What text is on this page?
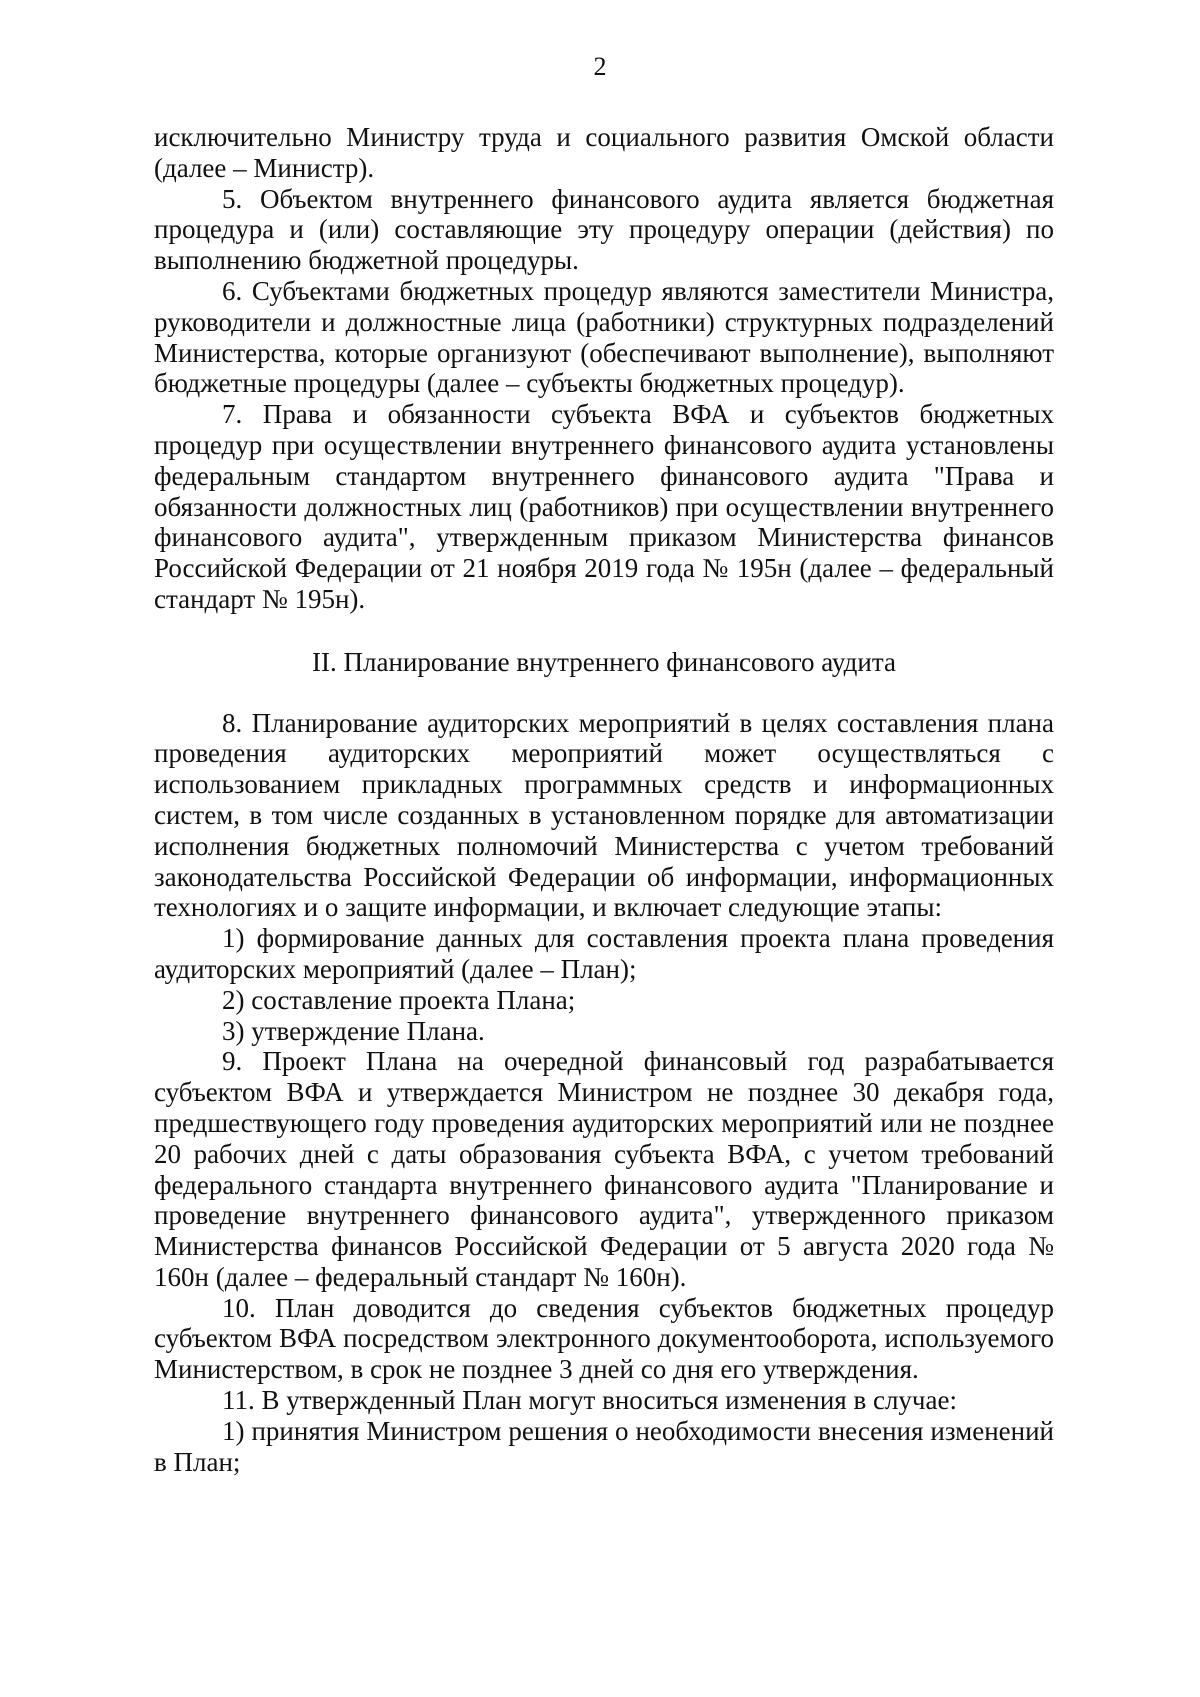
2

исключительно Министру труда и социального развития Омской области (далее – Министр).

5. Объектом внутреннего финансового аудита является бюджетная процедура и (или) составляющие эту процедуру операции (действия) по выполнению бюджетной процедуры.

6. Субъектами бюджетных процедур являются заместители Министра, руководители и должностные лица (работники) структурных подразделений Министерства, которые организуют (обеспечивают выполнение), выполняют бюджетные процедуры (далее – субъекты бюджетных процедур).

7. Права и обязанности субъекта ВФА и субъектов бюджетных процедур при осуществлении внутреннего финансового аудита установлены федеральным стандартом внутреннего финансового аудита "Права и обязанности должностных лиц (работников) при осуществлении внутреннего финансового аудита", утвержденным приказом Министерства финансов Российской Федерации от 21 ноября 2019 года № 195н (далее – федеральный стандарт № 195н).

II. Планирование внутреннего финансового аудита

8. Планирование аудиторских мероприятий в целях составления плана проведения аудиторских мероприятий может осуществляться с использованием прикладных программных средств и информационных систем, в том числе созданных в установленном порядке для автоматизации исполнения бюджетных полномочий Министерства с учетом требований законодательства Российской Федерации об информации, информационных технологиях и о защите информации, и включает следующие этапы:

1) формирование данных для составления проекта плана проведения аудиторских мероприятий (далее – План);

2) составление проекта Плана;

3) утверждение Плана.

9. Проект Плана на очередной финансовый год разрабатывается субъектом ВФА и утверждается Министром не позднее 30 декабря года, предшествующего году проведения аудиторских мероприятий или не позднее 20 рабочих дней с даты образования субъекта ВФА, с учетом требований федерального стандарта внутреннего финансового аудита "Планирование и проведение внутреннего финансового аудита", утвержденного приказом Министерства финансов Российской Федерации от 5 августа 2020 года № 160н (далее – федеральный стандарт № 160н).

10. План доводится до сведения субъектов бюджетных процедур субъектом ВФА посредством электронного документооборота, используемого Министерством, в срок не позднее 3 дней со дня его утверждения.

11. В утвержденный План могут вноситься изменения в случае:

1) принятия Министром решения о необходимости внесения изменений в План;
